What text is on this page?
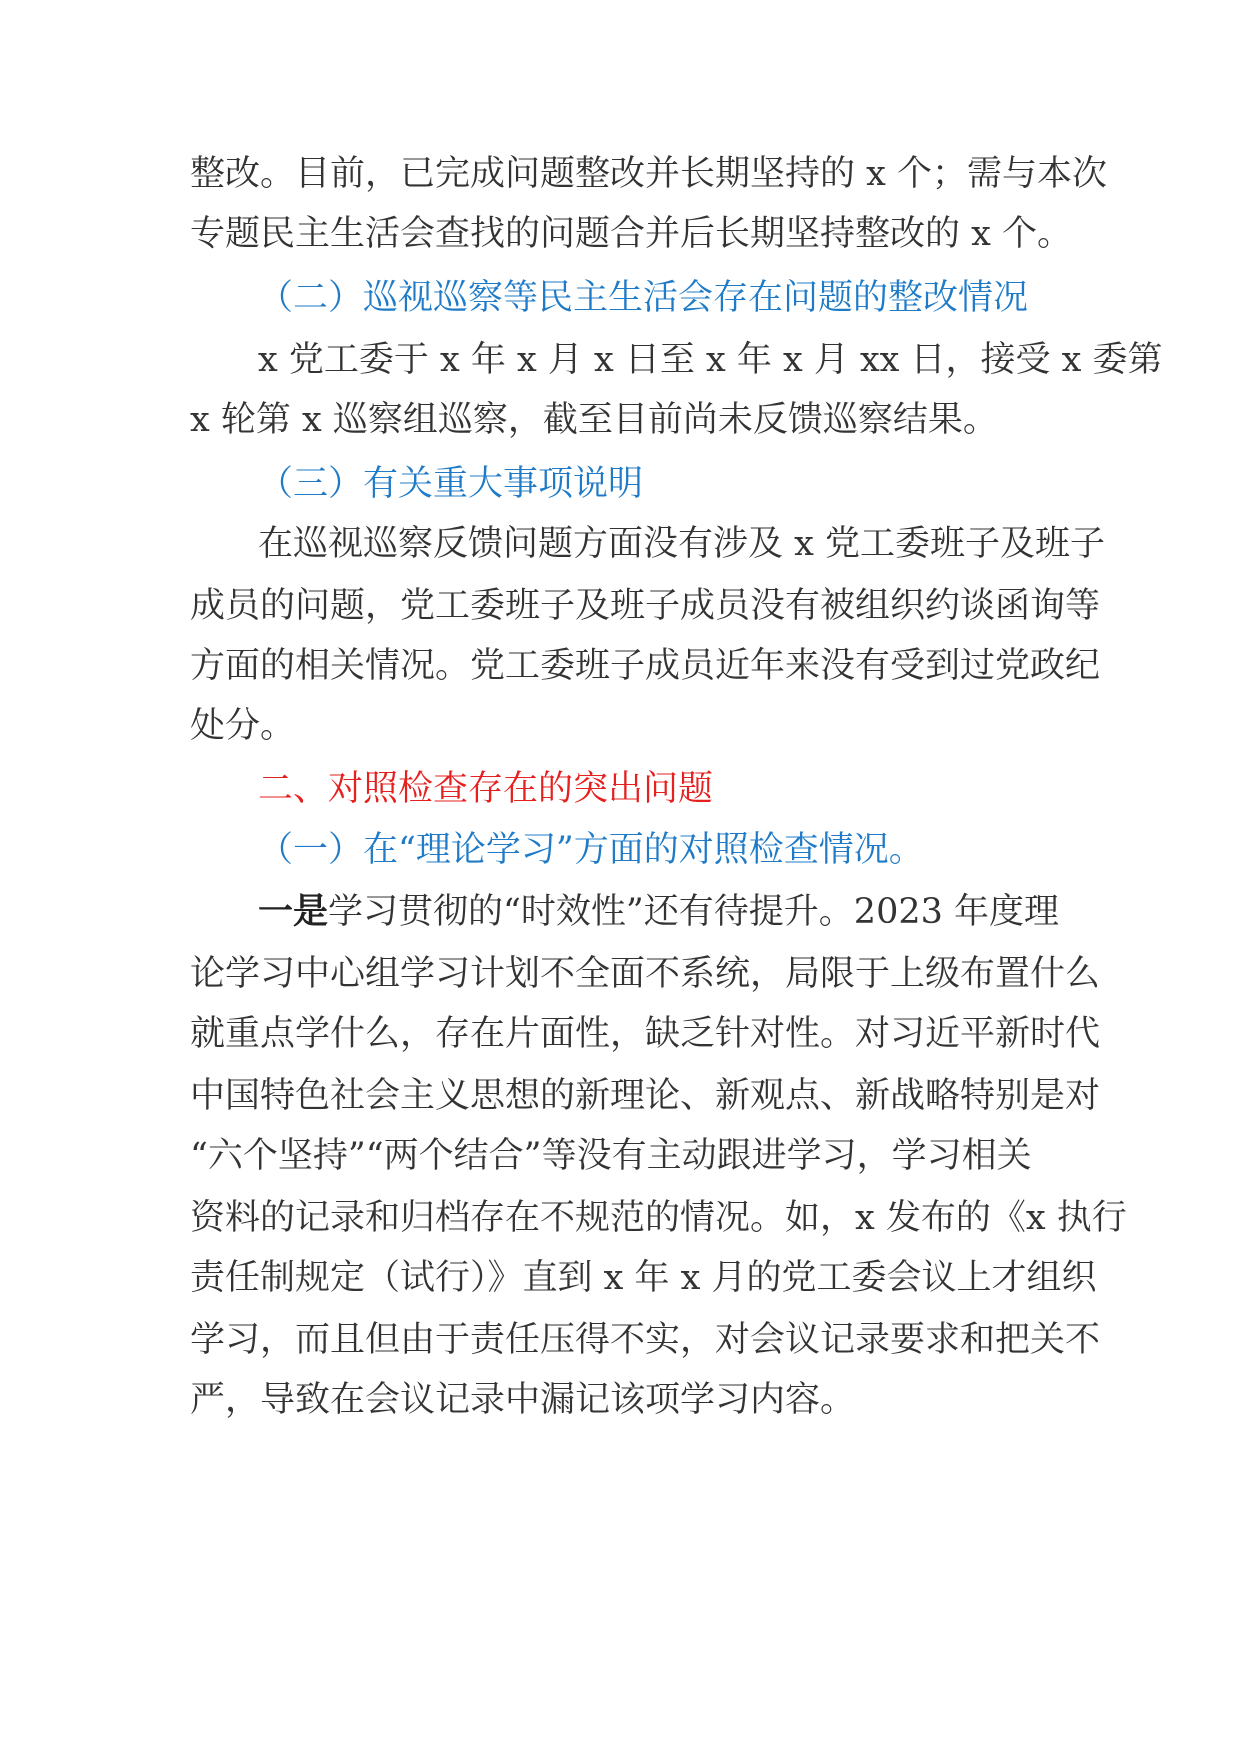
整改。目前，已完成问题整改并长期坚持的 x 个；需与本次
专题民主生活会查找的问题合并后长期坚持整改的 x 个。
（二）巡视巡察等民主生活会存在问题的整改情况
x 党工委于 x 年 x 月 x 日至 x 年 x 月 xx 日，接受 x 委第
x 轮第 x 巡察组巡察，截至目前尚未反馈巡察结果。
（三）有关重大事项说明
在巡视巡察反馈问题方面没有涉及 x 党工委班子及班子
成员的问题，党工委班子及班子成员没有被组织约谈函询等
方面的相关情况。党工委班子成员近年来没有受到过党政纪
处分。
二、对照检查存在的突出问题
（一）在“理论学习”方面的对照检查情况。
一是学习贯彻的“时效性”还有待提升。2023 年度理
论学习中心组学习计划不全面不系统，局限于上级布置什么
就重点学什么，存在片面性，缺乏针对性。对习近平新时代
中国特色社会主义思想的新理论、新观点、新战略特别是对
“六个坚持”“两个结合”等没有主动跟进学习，学习相关
资料的记录和归档存在不规范的情况。如，x 发布的《x 执行
责任制规定（试行）》直到 x 年 x 月的党工委会议上才组织
学习，而且但由于责任压得不实，对会议记录要求和把关不
严，导致在会议记录中漏记该项学习内容。
